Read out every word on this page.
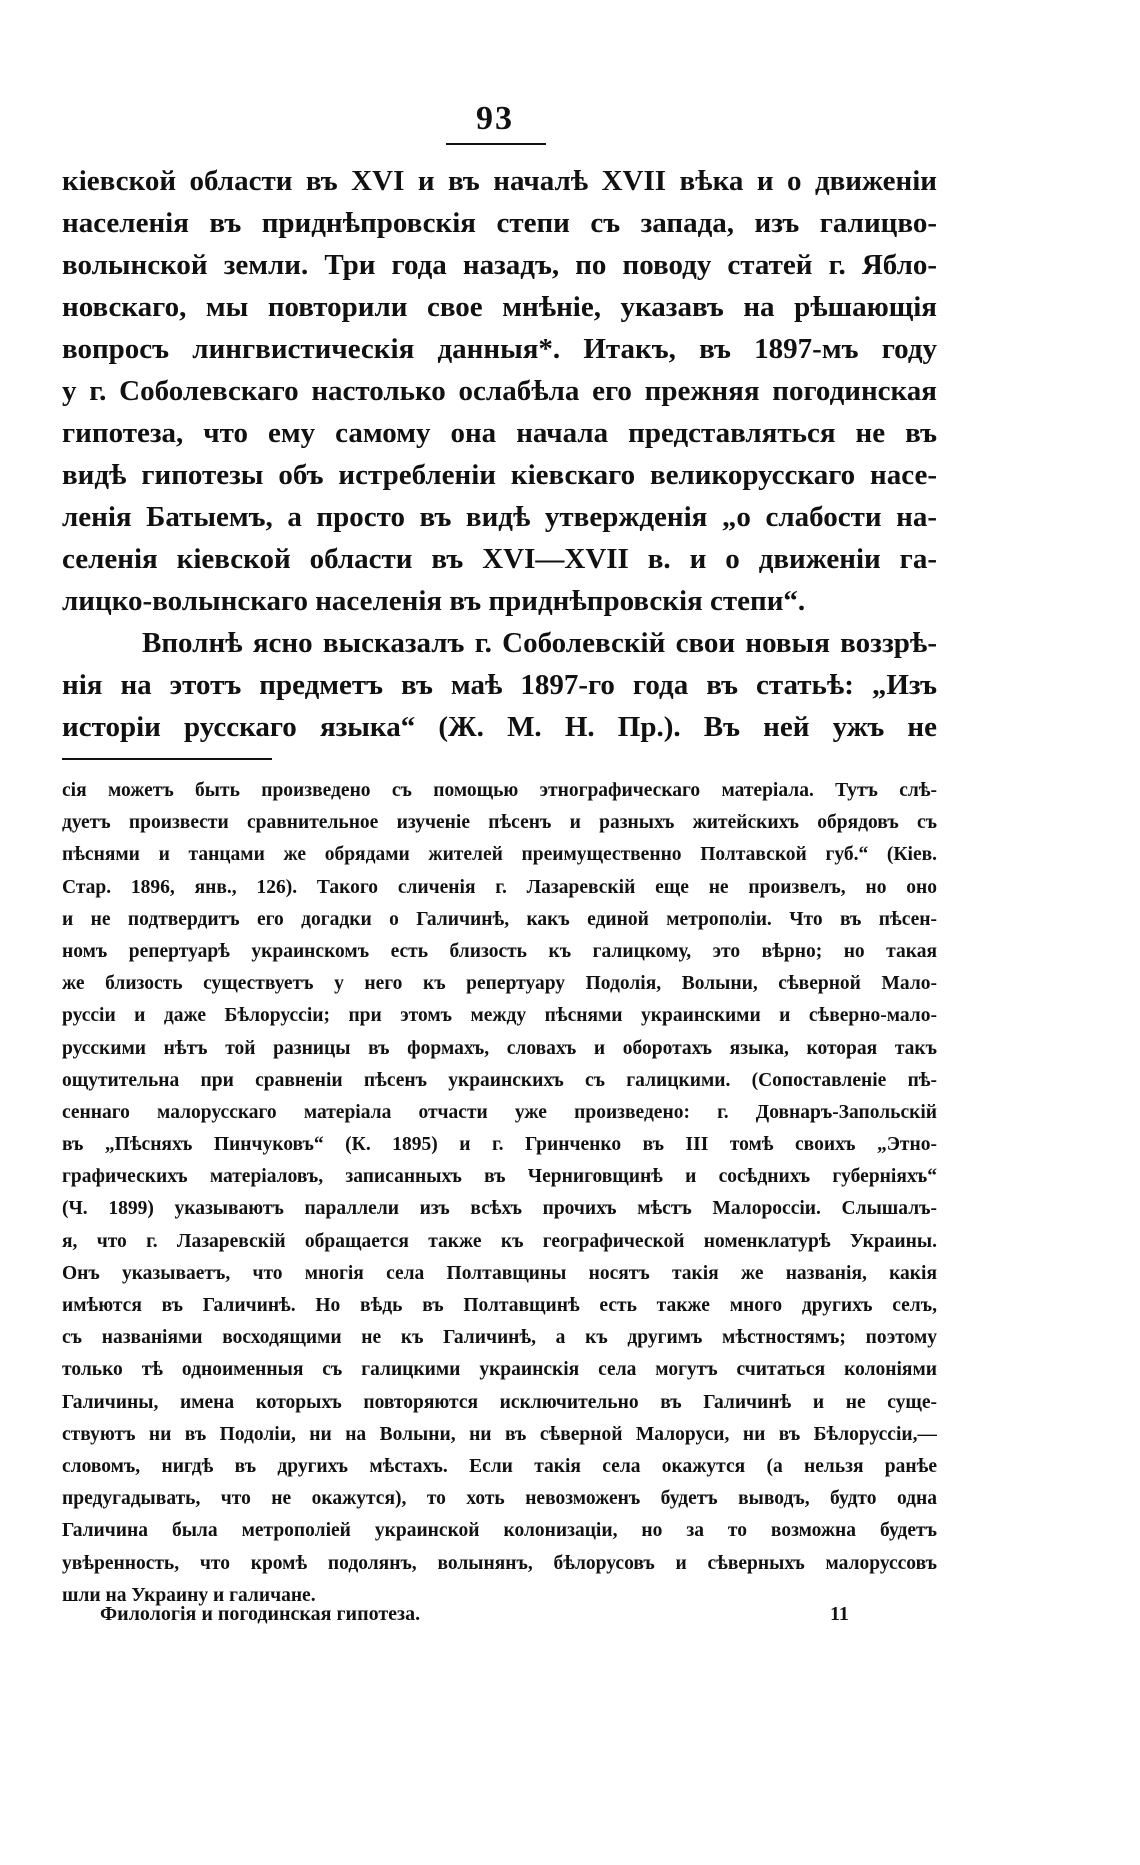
93
кіевской области въ XVI и въ началѣ XVII вѣка и о движеніи
населенія въ приднѣпровскія степи съ запада, изъ галицво-
волынской земли. Три года назадъ, по поводу статей г. Ябло-
новскаго, мы повторили свое мнѣніе, указавъ на рѣшающія
вопросъ лингвистическія данныя*. Итакъ, въ 1897-мъ году
у г. Соболевскаго настолько ослабѣла его прежняя погодинская
гипотеза, что ему самому она начала представляться не въ
видѣ гипотезы объ истребленіи кіевскаго великорусскаго насе-
ленія Батыемъ, а просто въ видѣ утвержденія „о слабости на-
селенія кіевской области въ XVI—XVII в. и о движеніи га-
лицко-волынскаго населенія въ приднѣпровскія степи“.
Вполнѣ ясно высказалъ г. Соболевскій свои новыя воззрѣ-
нія на этотъ предметъ въ маѣ 1897-го года въ статьѣ: „Изъ
исторіи русскаго языка“ (Ж. М. Н. Пр.). Въ ней ужъ не
сія можетъ быть произведено съ помощью этнографическаго матеріала. Тутъ слѣ-
дуетъ произвести сравнительное изученіе пѣсенъ и разныхъ житейскихъ обрядовъ съ
пѣснями и танцами же обрядами жителей преимущественно Полтавской губ.“ (Кіев.
Стар. 1896, янв., 126). Такого сличенія г. Лазаревскій еще не произвелъ, но оно
и не подтвердитъ его догадки о Галичинѣ, какъ единой метрополіи. Что въ пѣсен-
номъ репертуарѣ украинскомъ есть близость къ галицкому, это вѣрно; но такая
же близость существуетъ у него къ репертуару Подолія, Волыни, сѣверной Мало-
руссіи и даже Бѣлоруссіи; при этомъ между пѣснями украинскими и сѣверно-мало-
русскими нѣтъ той разницы въ формахъ, словахъ и оборотахъ языка, которая такъ
ощутительна при сравненіи пѣсенъ украинскихъ съ галицкими. (Сопоставленіе пѣ-
сеннаго малорусскаго матеріала отчасти уже произведено: г. Довнаръ-Запольскій
въ „Пѣсняхъ Пинчуковъ“ (К. 1895) и г. Гринченко въ III томѣ своихъ „Этно-
графическихъ матеріаловъ, записанныхъ въ Черниговщинѣ и сосѣднихъ губерніяхъ“
(Ч. 1899) указываютъ параллели изъ всѣхъ прочихъ мѣстъ Малороссіи. Слышалъ-
я, что г. Лазаревскій обращается также къ географической номенклатурѣ Украины.
Онъ указываетъ, что многія села Полтавщины носятъ такія же названія, какія
имѣются въ Галичинѣ. Но вѣдь въ Полтавщинѣ есть также много другихъ селъ,
съ названіями восходящими не къ Галичинѣ, а къ другимъ мѣстностямъ; поэтому
только тѣ одноименныя съ галицкими украинскія села могутъ считаться колоніями
Галичины, имена которыхъ повторяются исключительно въ Галичинѣ и не суще-
ствуютъ ни въ Подоліи, ни на Волыни, ни въ сѣверной Малоруси, ни въ Бѣлоруссіи,—
словомъ, нигдѣ въ другихъ мѣстахъ. Если такія села окажутся (а нельзя ранѣе
предугадывать, что не окажутся), то хоть невозможенъ будетъ выводъ, будто одна
Галичина была метрополіей украинской колонизаціи, но за то возможна будетъ
увѣренность, что кромѣ подолянъ, волынянъ, бѣлорусовъ и сѣверныхъ малоруссовъ
шли на Украину и галичане.
Филологія и погодинская гипотеза.	11
